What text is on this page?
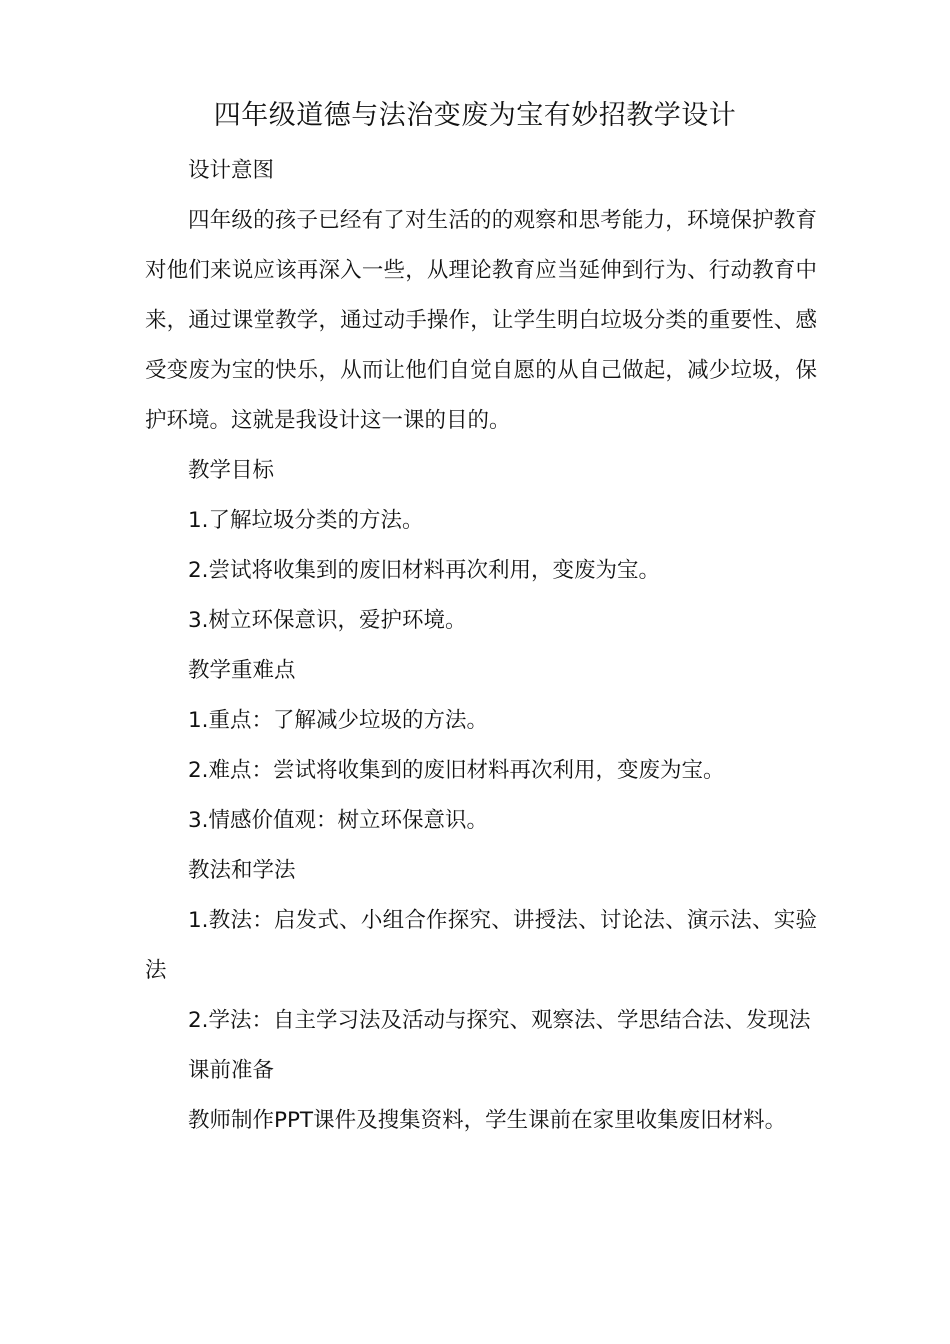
四年级道德与法治变废为宝有妙招教学设计

设计意图

四年级的孩子已经有了对生活的的观察和思考能力，环境保护教育对他们来说应该再深入一些，从理论教育应当延伸到行为、行动教育中来，通过课堂教学，通过动手操作，让学生明白垃圾分类的重要性、感受变废为宝的快乐，从而让他们自觉自愿的从自己做起，减少垃圾，保护环境。这就是我设计这一课的目的。

教学目标

1.了解垃圾分类的方法。

2.尝试将收集到的废旧材料再次利用，变废为宝。

3.树立环保意识，爱护环境。

教学重难点

1.重点：了解减少垃圾的方法。

2.难点：尝试将收集到的废旧材料再次利用，变废为宝。

3.情感价值观：树立环保意识。

教法和学法

1.教法：启发式、小组合作探究、讲授法、讨论法、演示法、实验法

2.学法：自主学习法及活动与探究、观察法、学思结合法、发现法

课前准备

教师制作PPT课件及搜集资料，学生课前在家里收集废旧材料。
